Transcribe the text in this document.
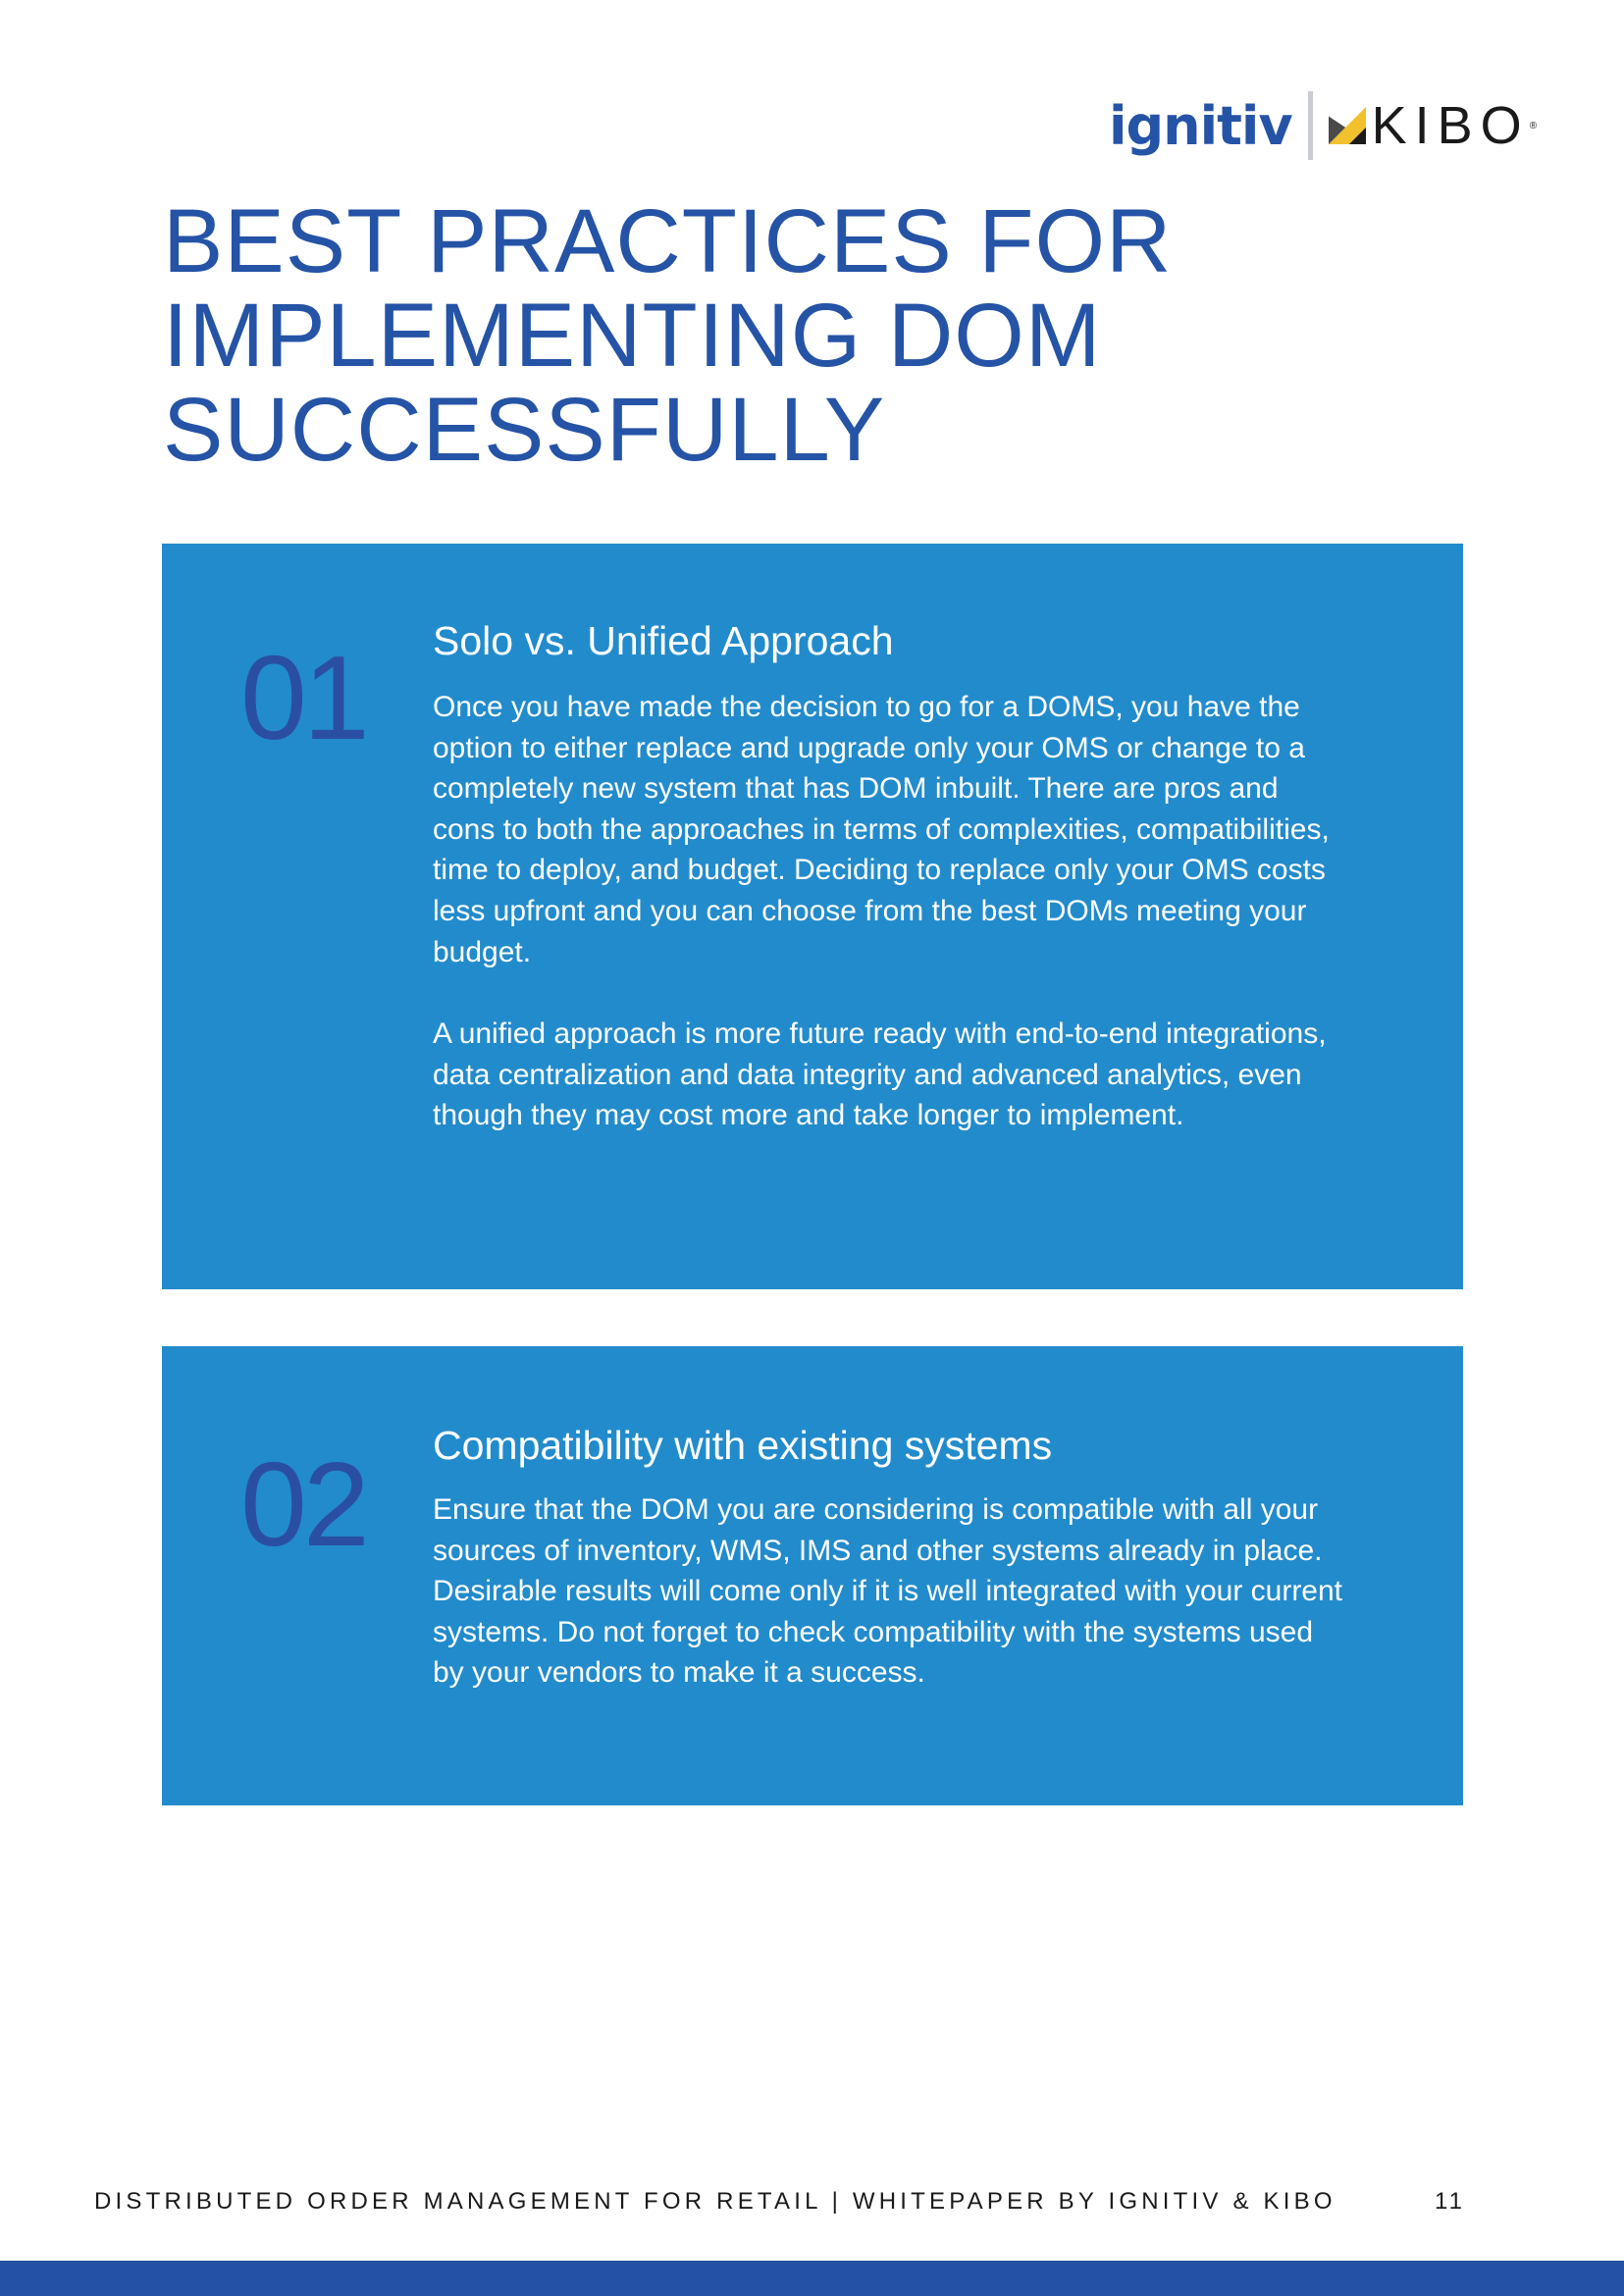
ignitiv KIBO ®
BEST PRACTICES FOR
IMPLEMENTING DOM
SUCCESSFULLY
01 Solo vs. Unified Approach

Once you have made the decision to go for a DOMS, you have the option to either replace and upgrade only your OMS or change to a completely new system that has DOM inbuilt. There are pros and cons to both the approaches in terms of complexities, compatibilities, time to deploy, and budget. Deciding to replace only your OMS costs less upfront and you can choose from the best DOMs meeting your budget.

A unified approach is more future ready with end-to-end integrations, data centralization and data integrity and advanced analytics, even though they may cost more and take longer to implement.

02 Compatibility with existing systems

Ensure that the DOM you are considering is compatible with all your sources of inventory, WMS, IMS and other systems already in place. Desirable results will come only if it is well integrated with your current systems. Do not forget to check compatibility with the systems used by your vendors to make it a success.

DISTRIBUTED ORDER MANAGEMENT FOR RETAIL | WHITEPAPER BY IGNITIV & KIBO	11
